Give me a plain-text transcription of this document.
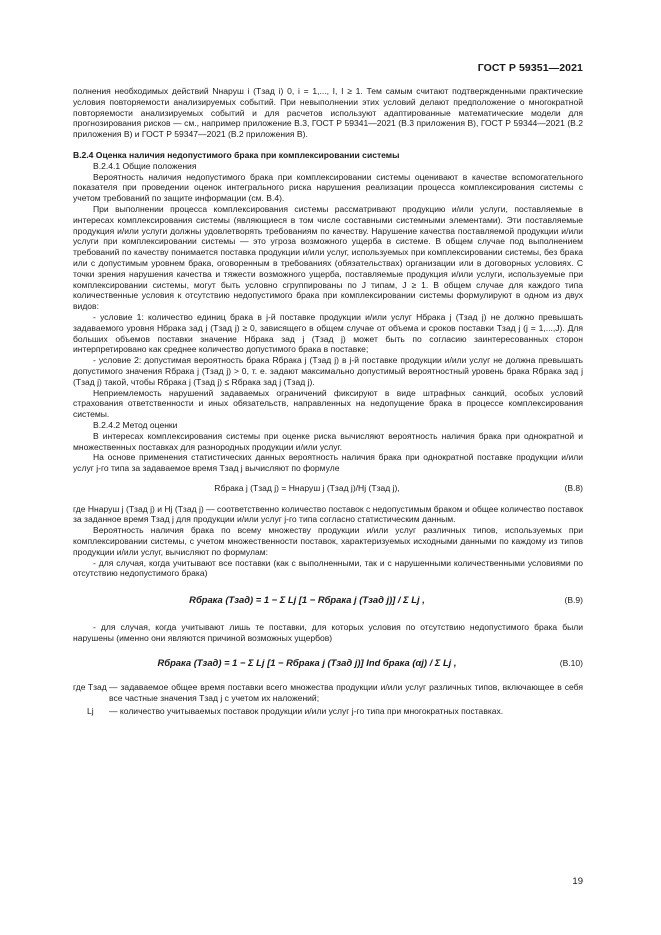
ГОСТ Р 59351—2021

полнения необходимых действий Nнаруш i (Tзад i) 0, i = 1,..., I, I ≥ 1. Тем самым считают подтвержденными практические условия повторяемости анализируемых событий. При невыполнении этих условий делают предположение о многократной повторяемости анализируемых событий и для расчетов используют адаптированные математические модели для прогнозирования рисков — см., например приложение В.3, ГОСТ Р 59341—2021 (В.3 приложения В), ГОСТ Р 59344—2021 (В.2 приложения В) и ГОСТ Р 59347—2021 (В.2 приложения В).

В.2.4 Оценка наличия недопустимого брака при комплексировании системы

В.2.4.1 Общие положения

Вероятность наличия недопустимого брака при комплексировании системы оценивают в качестве вспомогательного показателя при проведении оценок интегрального риска нарушения реализации процесса комплексирования системы с учетом требований по защите информации (см. В.4).

При выполнении процесса комплексирования системы рассматривают продукцию и/или услуги, поставляемые в интересах комплексирования системы (являющиеся в том числе составными системными элементами). Эти поставляемые продукция и/или услуги должны удовлетворять требованиям по качеству. Нарушение качества поставляемой продукции и/или услуги при комплексировании системы — это угроза возможного ущерба в системе. В общем случае под выполнением требований по качеству понимается поставка продукции и/или услуг, используемых при комплексировании системы, без брака или с допустимым уровнем брака, оговоренным в требованиях (обязательствах) организации или в договорных условиях. С точки зрения нарушения качества и тяжести возможного ущерба, поставляемые продукция и/или услуги, используемые при комплексировании системы, могут быть условно сгруппированы по J типам, J ≥ 1. В общем случае для каждого типа количественные условия к отсутствию недопустимого брака при комплексировании системы формулируют в одном из двух видов:

- условие 1: количество единиц брака в j-й поставке продукции и/или услуг Hбрака j (Tзад j) не должно превышать задаваемого уровня Hбрака зад j (Tзад j) ≥ 0, зависящего в общем случае от объема и сроков поставки Tзад j (j = 1,...,J). Для больших объемов поставки значение Hбрака зад j (Tзад j) может быть по согласию заинтересованных сторон интерпретировано как среднее количество допустимого брака в поставке;

- условие 2: допустимая вероятность брака Rбрака j (Tзад j) в j-й поставке продукции и/или услуг не должна превышать допустимого значения Rбрака j (Tзад j) > 0, т. е. задают максимально допустимый вероятностный уровень брака Rбрака зад j (Tзад j) такой, чтобы Rбрака j (Tзад j) ≤ Rбрака зад j (Tзад j).

Неприемлемость нарушений задаваемых ограничений фиксируют в виде штрафных санкций, особых условий страхования ответственности и иных обязательств, направленных на недопущение брака в процессе комплексирования системы.

В.2.4.2 Метод оценки

В интересах комплексирования системы при оценке риска вычисляют вероятность наличия брака при однократной и множественных поставках для разнородных продукции и/или услуг.

На основе применения статистических данных вероятность наличия брака при однократной поставке продукции и/или услуг j-го типа за задаваемое время Tзад j вычисляют по формуле

Rбрака j (Tзад j) = Hнаруш j (Tзад j)/Hj (Tзад j),	(В.8)

где Hнаруш j (Tзад j) и Hj (Tзад j) — соответственно количество поставок с недопустимым браком и общее количество поставок за заданное время Tзад j для продукции и/или услуг j-го типа согласно статистическим данным.

Вероятность наличия брака по всему множеству продукции и/или услуг различных типов, используемых при комплексировании системы, с учетом множественности поставок, характеризуемых исходными данными по каждому из типов продукции и/или услуг, вычисляют по формулам:

- для случая, когда учитывают все поставки (как с выполненными, так и с нарушенными количественными условиями по отсутствию недопустимого брака)

Rбрака (Tзад) = 1 − Σ Lj [1 − Rбрака j (Tзад j)] / Σ Lj ,	(В.9)

- для случая, когда учитывают лишь те поставки, для которых условия по отсутствию недопустимого брака были нарушены (именно они являются причиной возможных ущербов)

Rбрака (Tзад) = 1 − Σ Lj [1 − Rбрака j (Tзад j)] Ind брака (αj) / Σ Lj ,	(В.10)
где Tзад — задаваемое общее время поставки всего множества продукции и/или услуг различных типов, включающее в себя все частные значения Tзад j с учетом их наложений;
Lj	— количество учитываемых поставок продукции и/или услуг j-го типа при многократных поставках.
19
